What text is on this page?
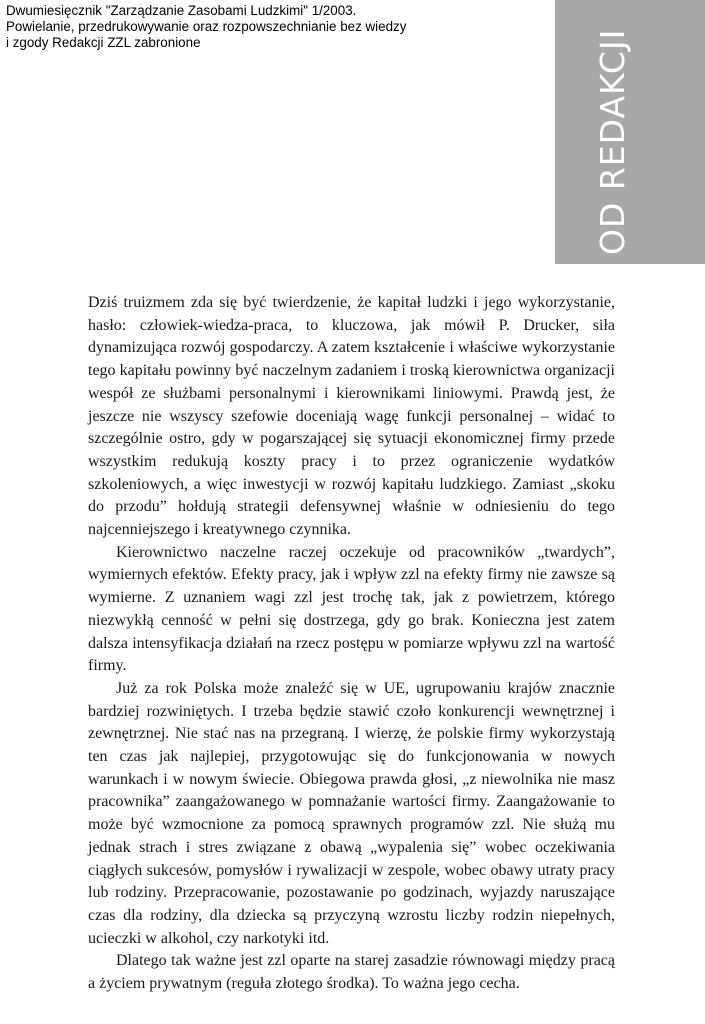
Dwumiesięcznik "Zarządzanie Zasobami Ludzkimi" 1/2003.
Powielanie, przedrukowywanie oraz rozpowszechnianie bez wiedzy
i zgody Redakcji ZZL zabronione	OD REDAKCJI

Dziś truizmem zda się być twierdzenie, że kapitał ludzki i jego wykorzystanie, hasło: człowiek-wiedza-praca, to kluczowa, jak mówił P. Drucker, siła dynamizująca rozwój gospodarczy. A zatem kształcenie i właściwe wykorzystanie tego kapitału powinny być naczelnym zadaniem i troską kierownictwa organizacji wespół ze służbami personalnymi i kierownikami liniowymi. Prawdą jest, że jeszcze nie wszyscy szefowie doceniają wagę funkcji personalnej – widać to szczególnie ostro, gdy w pogarszającej się sytuacji ekonomicznej firmy przede wszystkim redukują koszty pracy i to przez ograniczenie wydatków szkoleniowych, a więc inwestycji w rozwój kapitału ludzkiego. Zamiast „skoku do przodu” hołdują strategii defensywnej właśnie w odniesieniu do tego najcenniejszego i kreatywnego czynnika.

Kierownictwo naczelne raczej oczekuje od pracowników „twardych”, wymiernych efektów. Efekty pracy, jak i wpływ zzl na efekty firmy nie zawsze są wymierne. Z uznaniem wagi zzl jest trochę tak, jak z powietrzem, którego niezwykłą cenność w pełni się dostrzega, gdy go brak. Konieczna jest zatem dalsza intensyfikacja działań na rzecz postępu w pomiarze wpływu zzl na wartość firmy.

Już za rok Polska może znaleźć się w UE, ugrupowaniu krajów znacznie bardziej rozwiniętych. I trzeba będzie stawić czoło konkurencji wewnętrznej i zewnętrznej. Nie stać nas na przegraną. I wierzę, że polskie firmy wykorzystają ten czas jak najlepiej, przygotowując się do funkcjonowania w nowych warunkach i w nowym świecie. Obiegowa prawda głosi, „z niewolnika nie masz pracownika” zaangażowanego w pomnażanie wartości firmy. Zaangażowanie to może być wzmocnione za pomocą sprawnych programów zzl. Nie służą mu jednak strach i stres związane z obawą „wypalenia się” wobec oczekiwania ciągłych sukcesów, pomysłów i rywalizacji w zespole, wobec obawy utraty pracy lub rodziny. Przepracowanie, pozostawanie po godzinach, wyjazdy naruszające czas dla rodziny, dla dziecka są przyczyną wzrostu liczby rodzin niepełnych, ucieczki w alkohol, czy narkotyki itd.

Dlatego tak ważne jest zzl oparte na starej zasadzie równowagi między pracą a życiem prywatnym (reguła złotego środka). To ważna jego cecha.
